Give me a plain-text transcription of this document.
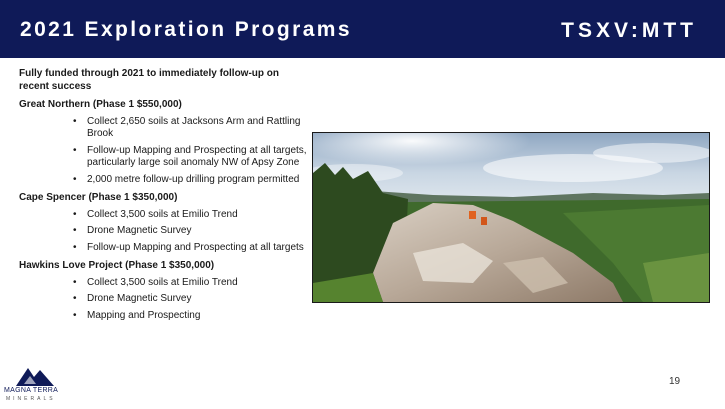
2021 Exploration Programs	TSXV:MTT

Fully funded through 2021 to immediately follow-up on recent success

Great Northern (Phase 1 $550,000)

• Collect 2,650 soils at Jacksons Arm and Rattling Brook
• Follow-up Mapping and Prospecting at all targets, particularly large soil anomaly NW of Apsy Zone
• 2,000 metre follow-up drilling program permitted

Cape Spencer (Phase 1 $350,000)

• Collect 3,500 soils at Emilio Trend
• Drone Magnetic Survey
• Follow-up Mapping and Prospecting at all targets

Hawkins Love Project (Phase 1 $350,000)

• Collect 3,500 soils at Emilio Trend
• Drone Magnetic Survey
• Mapping and Prospecting
19
MAGNA TERRA
MINERALS
